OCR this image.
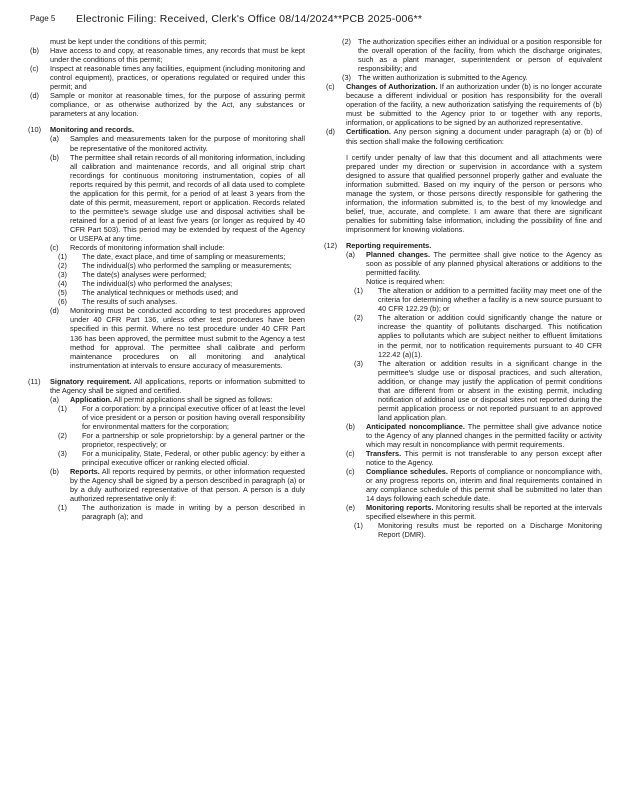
Page 5 Electronic Filing: Received, Clerk's Office 08/14/2024**PCB 2025-006**

must be kept under the conditions of this permit;

(b) Have access to and copy, at reasonable times, any records that must be kept under the conditions of this permit;

(c) Inspect at reasonable times any facilities, equipment (including monitoring and control equipment), practices, or operations regulated or required under this permit; and

(d) Sample or monitor at reasonable times, for the purpose of assuring permit compliance, or as otherwise authorized by the Act, any substances or parameters at any location.

(10) Monitoring and records.

(a) Samples and measurements taken for the purpose of monitoring shall be representative of the monitored activity.

(b) The permittee shall retain records of all monitoring information, including all calibration and maintenance records, and all original strip chart recordings for continuous monitoring instrumentation, copies of all reports required by this permit, and records of all data used to complete the application for this permit, for a period of at least 3 years from the date of this permit, measurement, report or application. Records related to the permittee's sewage sludge use and disposal activities shall be retained for a period of at least five years (or longer as required by 40 CFR Part 503). This period may be extended by request of the Agency or USEPA at any time.

(c) Records of monitoring information shall include:

(1) The date, exact place, and time of sampling or measurements;

(2) The individual(s) who performed the sampling or measurements;

(3) The date(s) analyses were performed;

(4) The individual(s) who performed the analyses;

(5) The analytical techniques or methods used; and

(6) The results of such analyses.

(d) Monitoring must be conducted according to test procedures approved under 40 CFR Part 136, unless other test procedures have been specified in this permit. Where no test procedure under 40 CFR Part 136 has been approved, the permittee must submit to the Agency a test method for approval. The permittee shall calibrate and perform maintenance procedures on all monitoring and analytical instrumentation at intervals to ensure accuracy of measurements.

(11) Signatory requirement. All applications, reports or information submitted to the Agency shall be signed and certified.

(a) Application. All permit applications shall be signed as follows:

(1) For a corporation: by a principal executive officer of at least the level of vice president or a person or position having overall responsibility for environmental matters for the corporation;

(2) For a partnership or sole proprietorship: by a general partner or the proprietor, respectively; or

(3) For a municipality, State, Federal, or other public agency: by either a principal executive officer or ranking elected official.

(b) Reports. All reports required by permits, or other information requested by the Agency shall be signed by a person described in paragraph (a) or by a duly authorized representative of that person. A person is a duly authorized representative only if:

(1) The authorization is made in writing by a person described in paragraph (a); and

(2) The authorization specifies either an individual or a position responsible for the overall operation of the facility, from which the discharge originates, such as a plant manager, superintendent or person of equivalent responsibility; and

(3) The written authorization is submitted to the Agency.

(c) Changes of Authorization. If an authorization under (b) is no longer accurate because a different individual or position has responsibility for the overall operation of the facility, a new authorization satisfying the requirements of (b) must be submitted to the Agency prior to or together with any reports, information, or applications to be signed by an authorized representative.

(d) Certification. Any person signing a document under paragraph (a) or (b) of this section shall make the following certification:

I certify under penalty of law that this document and all attachments were prepared under my direction or supervision in accordance with a system designed to assure that qualified personnel properly gather and evaluate the information submitted. Based on my inquiry of the person or persons who manage the system, or those persons directly responsible for gathering the information, the information submitted is, to the best of my knowledge and belief, true, accurate, and complete. I am aware that there are significant penalties for submitting false information, including the possibility of fine and imprisonment for knowing violations.

(12) Reporting requirements.

(a) Planned changes. The permittee shall give notice to the Agency as soon as possible of any planned physical alterations or additions to the permitted facility.

Notice is required when:

(1) The alteration or addition to a permitted facility may meet one of the criteria for determining whether a facility is a new source pursuant to 40 CFR 122.29 (b); or

(2) The alteration or addition could significantly change the nature or increase the quantity of pollutants discharged. This notification applies to pollutants which are subject neither to effluent limitations in the permit, nor to notification requirements pursuant to 40 CFR 122.42 (a)(1).

(3) The alteration or addition results in a significant change in the permittee's sludge use or disposal practices, and such alteration, addition, or change may justify the application of permit conditions that are different from or absent in the existing permit, including notification of additional use or disposal sites not reported during the permit application process or not reported pursuant to an approved land application plan.

(b) Anticipated noncompliance. The permittee shall give advance notice to the Agency of any planned changes in the permitted facility or activity which may result in noncompliance with permit requirements.

(c) Transfers. This permit is not transferable to any person except after notice to the Agency.

(c) Compliance schedules. Reports of compliance or noncompliance with, or any progress reports on, interim and final requirements contained in any compliance schedule of this permit shall be submitted no later than 14 days following each schedule date.

(e) Monitoring reports. Monitoring results shall be reported at the intervals specified elsewhere in this permit.

(1) Monitoring results must be reported on a Discharge Monitoring Report (DMR).
